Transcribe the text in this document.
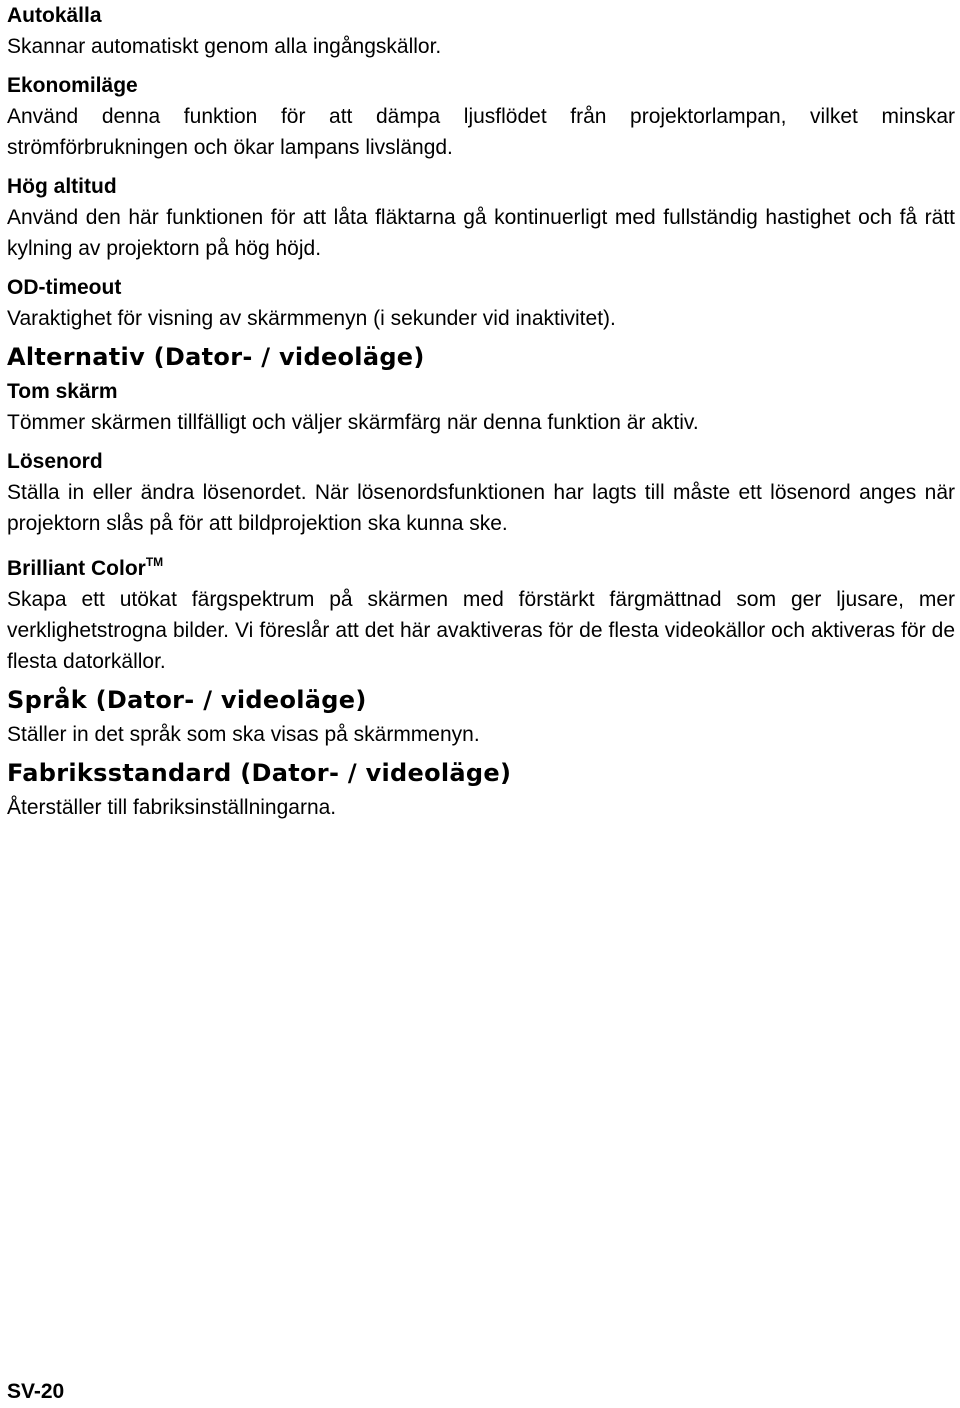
Autokälla

Skannar automatiskt genom alla ingångskällor.

Ekonomiläge

Använd denna funktion för att dämpa ljusflödet från projektorlampan, vilket minskar strömförbrukningen och ökar lampans livslängd.

Hög altitud

Använd den här funktionen för att låta fläktarna gå kontinuerligt med fullständig hastighet och få rätt kylning av projektorn på hög höjd.

OD-timeout

Varaktighet för visning av skärmmenyn (i sekunder vid inaktivitet).

Alternativ (Dator- / videoläge)

Tom skärm

Tömmer skärmen tillfälligt och väljer skärmfärg när denna funktion är aktiv.

Lösenord

Ställa in eller ändra lösenordet. När lösenordsfunktionen har lagts till måste ett lösenord anges när projektorn slås på för att bildprojektion ska kunna ske.

Brilliant Color™

Skapa ett utökat färgspektrum på skärmen med förstärkt färgmättnad som ger ljusare, mer verklighetstrogna bilder. Vi föreslår att det här avaktiveras för de flesta videokällor och aktiveras för de flesta datorkällor.

Språk (Dator- / videoläge)

Ställer in det språk som ska visas på skärmmenyn.

Fabriksstandard (Dator- / videoläge)

Återställer till fabriksinställningarna.

SV-20
